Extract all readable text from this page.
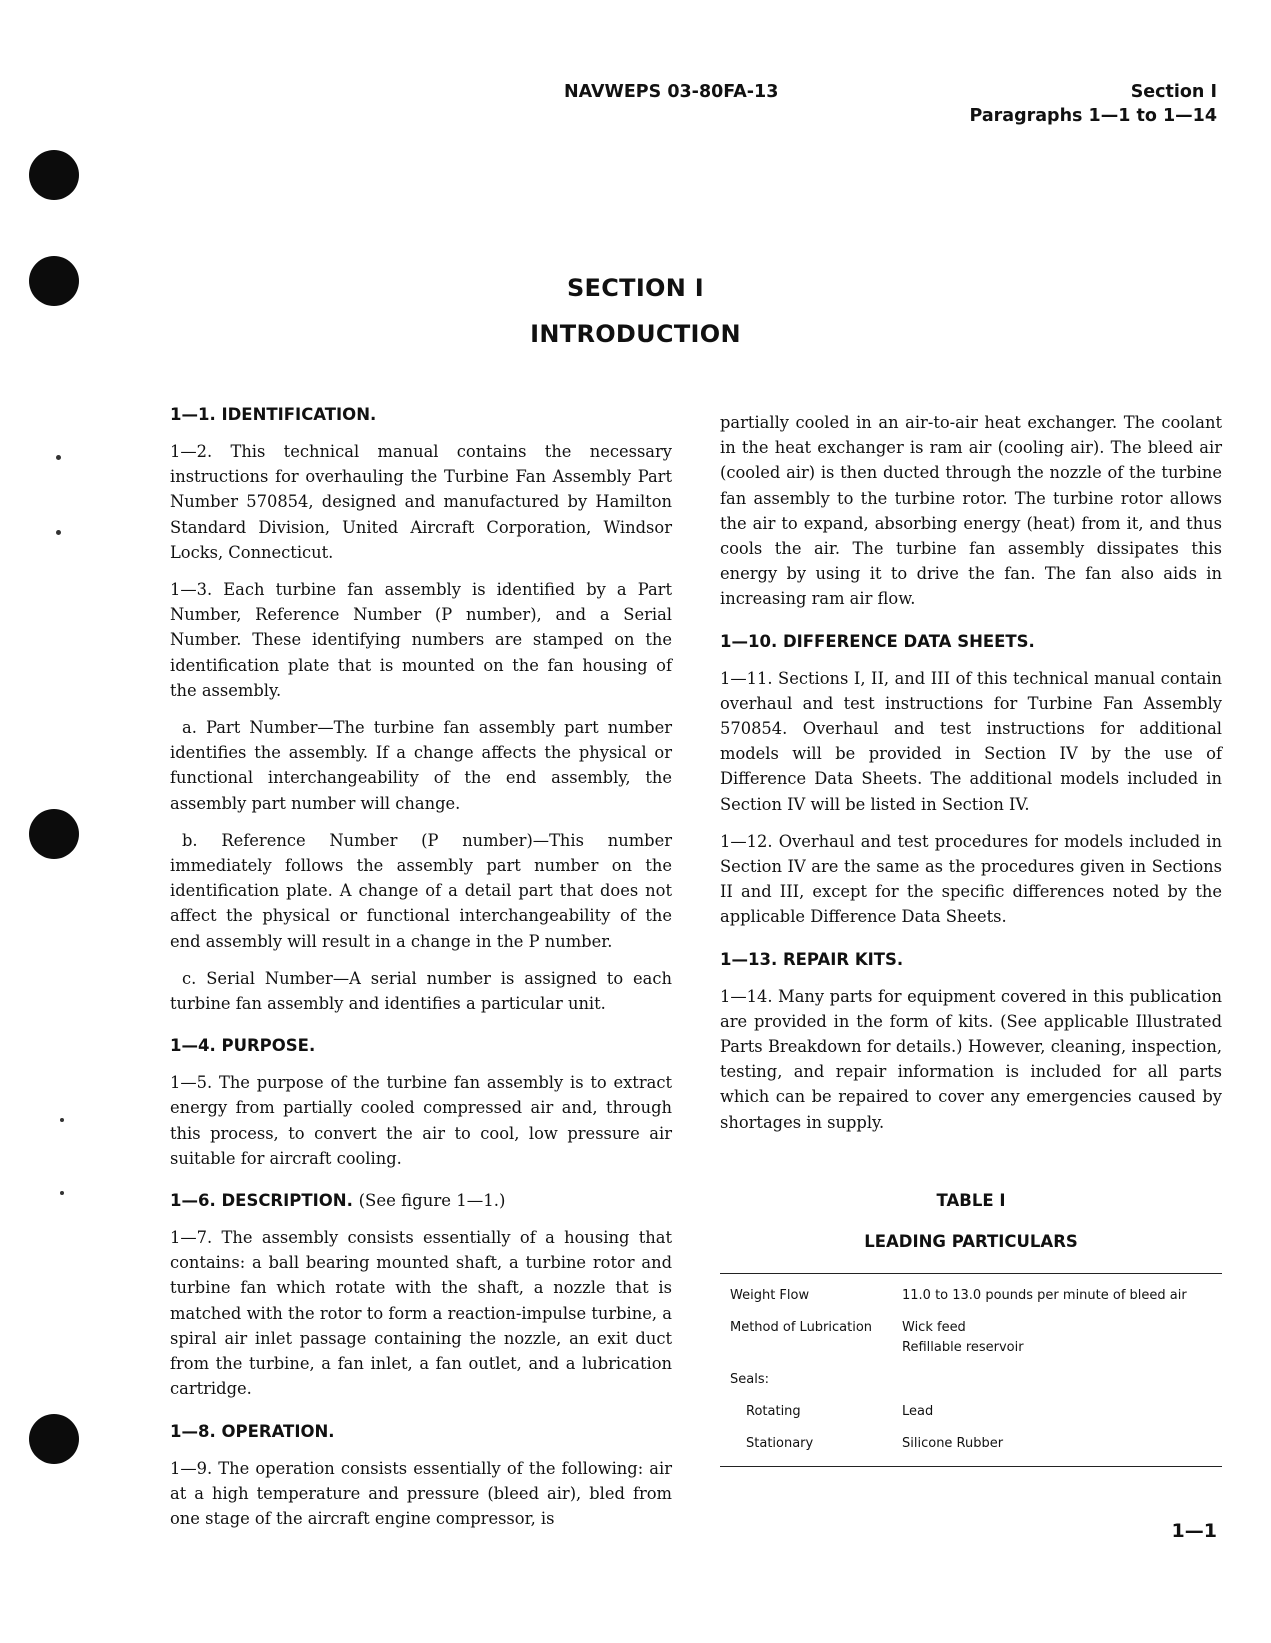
NAVWEPS 03-80FA-13	Section I
Paragraphs 1—1 to 1—14
SECTION I
INTRODUCTION
1—1. IDENTIFICATION.

1—2. This technical manual contains the necessary instructions for overhauling the Turbine Fan Assembly Part Number 570854, designed and manufactured by Hamilton Standard Division, United Aircraft Corporation, Windsor Locks, Connecticut.

1—3. Each turbine fan assembly is identified by a Part Number, Reference Number (P number), and a Serial Number. These identifying numbers are stamped on the identification plate that is mounted on the fan housing of the assembly.

a. Part Number—The turbine fan assembly part number identifies the assembly. If a change affects the physical or functional interchangeability of the end assembly, the assembly part number will change.

b. Reference Number (P number)—This number immediately follows the assembly part number on the identification plate. A change of a detail part that does not affect the physical or functional interchangeability of the end assembly will result in a change in the P number.

c. Serial Number—A serial number is assigned to each turbine fan assembly and identifies a particular unit.

1—4. PURPOSE.

1—5. The purpose of the turbine fan assembly is to extract energy from partially cooled compressed air and, through this process, to convert the air to cool, low pressure air suitable for aircraft cooling.

1—6. DESCRIPTION. (See figure 1—1.)

1—7. The assembly consists essentially of a housing that contains: a ball bearing mounted shaft, a turbine rotor and turbine fan which rotate with the shaft, a nozzle that is matched with the rotor to form a reaction-impulse turbine, a spiral air inlet passage containing the nozzle, an exit duct from the turbine, a fan inlet, a fan outlet, and a lubrication cartridge.

1—8. OPERATION.

1—9. The operation consists essentially of the following: air at a high temperature and pressure (bleed air), bled from one stage of the aircraft engine compressor, is

partially cooled in an air-to-air heat exchanger. The coolant in the heat exchanger is ram air (cooling air). The bleed air (cooled air) is then ducted through the nozzle of the turbine fan assembly to the turbine rotor. The turbine rotor allows the air to expand, absorbing energy (heat) from it, and thus cools the air. The turbine fan assembly dissipates this energy by using it to drive the fan. The fan also aids in increasing ram air flow.

1—10. DIFFERENCE DATA SHEETS.

1—11. Sections I, II, and III of this technical manual contain overhaul and test instructions for Turbine Fan Assembly 570854. Overhaul and test instructions for additional models will be provided in Section IV by the use of Difference Data Sheets. The additional models included in Section IV will be listed in Section IV.

1—12. Overhaul and test procedures for models included in Section IV are the same as the procedures given in Sections II and III, except for the specific differences noted by the applicable Difference Data Sheets.

1—13. REPAIR KITS.

1—14. Many parts for equipment covered in this publication are provided in the form of kits. (See applicable Illustrated Parts Breakdown for details.) However, cleaning, inspection, testing, and repair information is included for all parts which can be repaired to cover any emergencies caused by shortages in supply.

TABLE I
LEADING PARTICULARS

Weight Flow	11.0 to 13.0 pounds per minute of bleed air

Method of Lubrication	Wick feed
Refillable reservoir

Seals:	

Rotating	Lead

Stationary	Silicone Rubber

1—1
